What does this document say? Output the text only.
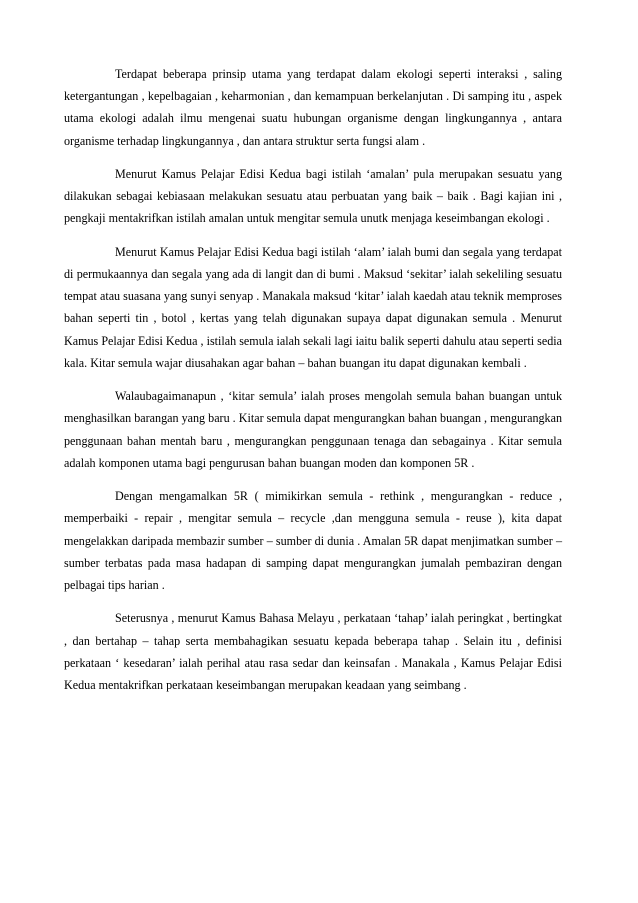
Terdapat beberapa prinsip utama yang terdapat dalam ekologi seperti interaksi , saling ketergantungan , kepelbagaian , keharmonian , dan kemampuan berkelanjutan . Di samping itu , aspek utama ekologi adalah ilmu mengenai suatu hubungan organisme dengan lingkungannya , antara organisme terhadap lingkungannya , dan antara struktur serta fungsi alam .

Menurut Kamus Pelajar Edisi Kedua bagi istilah ‘amalan’ pula merupakan sesuatu yang dilakukan sebagai kebiasaan melakukan sesuatu atau perbuatan yang baik – baik . Bagi kajian ini , pengkaji mentakrifkan istilah amalan untuk mengitar semula unutk menjaga keseimbangan ekologi .

Menurut Kamus Pelajar Edisi Kedua bagi istilah ‘alam’ ialah bumi dan segala yang terdapat di permukaannya dan segala yang ada di langit dan di bumi . Maksud ‘sekitar’ ialah sekeliling sesuatu tempat atau suasana yang sunyi senyap . Manakala maksud ‘kitar’ ialah kaedah atau teknik memproses bahan seperti tin , botol , kertas yang telah digunakan supaya dapat digunakan semula . Menurut Kamus Pelajar Edisi Kedua , istilah semula ialah sekali lagi iaitu balik seperti dahulu atau seperti sedia kala. Kitar semula wajar diusahakan agar bahan – bahan buangan itu dapat digunakan kembali .

Walaubagaimanapun , ‘kitar semula’ ialah proses mengolah semula bahan buangan untuk menghasilkan barangan yang baru . Kitar semula dapat mengurangkan bahan buangan , mengurangkan penggunaan bahan mentah baru , mengurangkan penggunaan tenaga dan sebagainya . Kitar semula adalah komponen utama bagi pengurusan bahan buangan moden dan komponen 5R .

Dengan mengamalkan 5R ( mimikirkan semula - rethink , mengurangkan - reduce , memperbaiki - repair , mengitar semula – recycle ,dan mengguna semula - reuse ), kita dapat mengelakkan daripada membazir sumber – sumber di dunia . Amalan 5R dapat menjimatkan sumber – sumber terbatas pada masa hadapan di samping dapat mengurangkan jumalah pembaziran dengan pelbagai tips harian .

Seterusnya , menurut Kamus Bahasa Melayu , perkataan ‘tahap’ ialah peringkat , bertingkat , dan bertahap – tahap serta membahagikan sesuatu kepada beberapa tahap . Selain itu , definisi perkataan ‘ kesedaran’ ialah perihal atau rasa sedar dan keinsafan . Manakala , Kamus Pelajar Edisi Kedua mentakrifkan perkataan keseimbangan merupakan keadaan yang seimbang .
